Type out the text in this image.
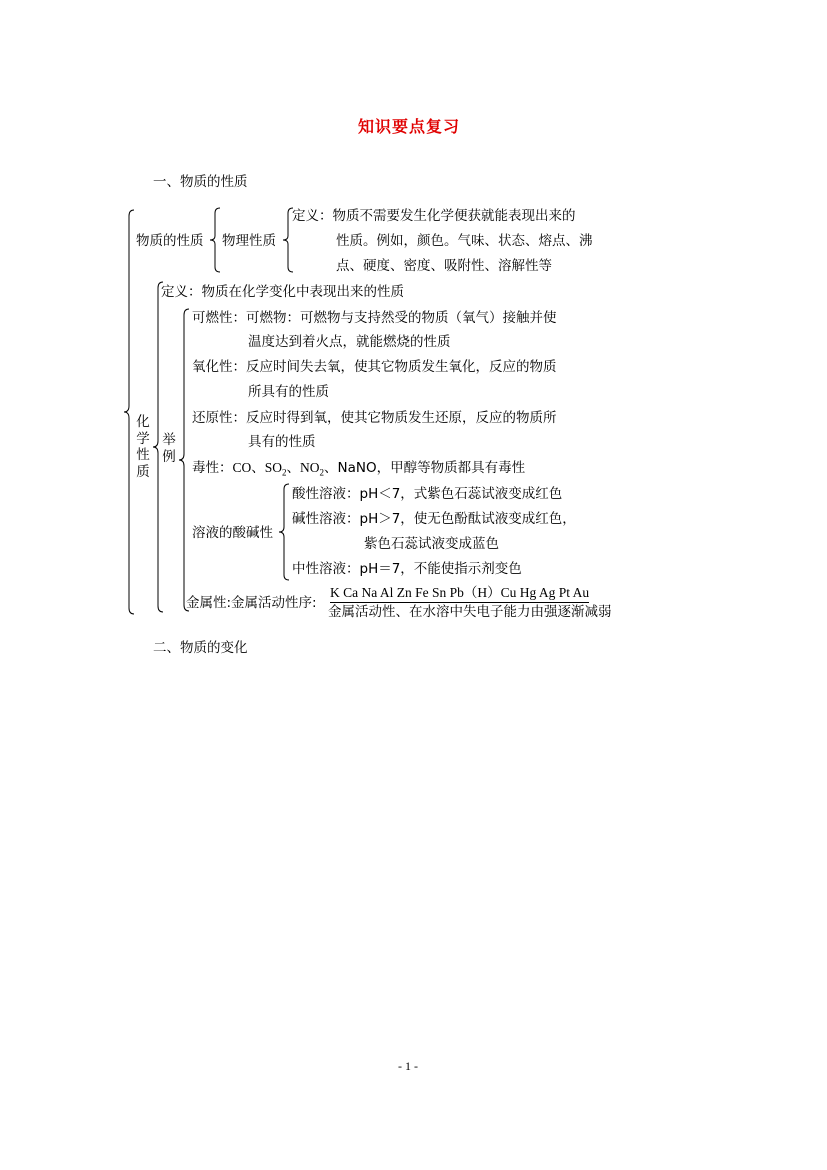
知识要点复习
一、物质的性质
物质的性质 物理性质
定义：物质不需要发生化学便获就能表现出来的
性质。例如，颜色。气味、状态、熔点、沸
点、硬度、密度、吸附性、溶解性等
化
学
性
质
定义：物质在化学变化中表现出来的性质
举
例
可燃性：可燃物：可燃物与支持然受的物质（氧气）接触并使
温度达到着火点，就能燃烧的性质
氧化性：反应时间失去氧，使其它物质发生氧化，反应的物质
所具有的性质
还原性：反应时得到氧，使其它物质发生还原，反应的物质所
具有的性质
毒性：CO、$SO_2$、$NO_2$、NaNO，甲醇等物质都具有毒性
溶液的酸碱性
酸性溶液：pH＜7，式紫色石蕊试液变成红色
碱性溶液：pH＞7，使无色酚酞试液变成红色，
紫色石蕊试液变成蓝色
中性溶液：pH＝7，不能使指示剂变色
金属性:金属活动性序:
K Ca Na Al Zn Fe Sn Pb（H）Cu Hg Ag Pt Au
金属活动性、在水溶中失电子能力由强逐渐减弱
二、物质的变化
- 1 -
